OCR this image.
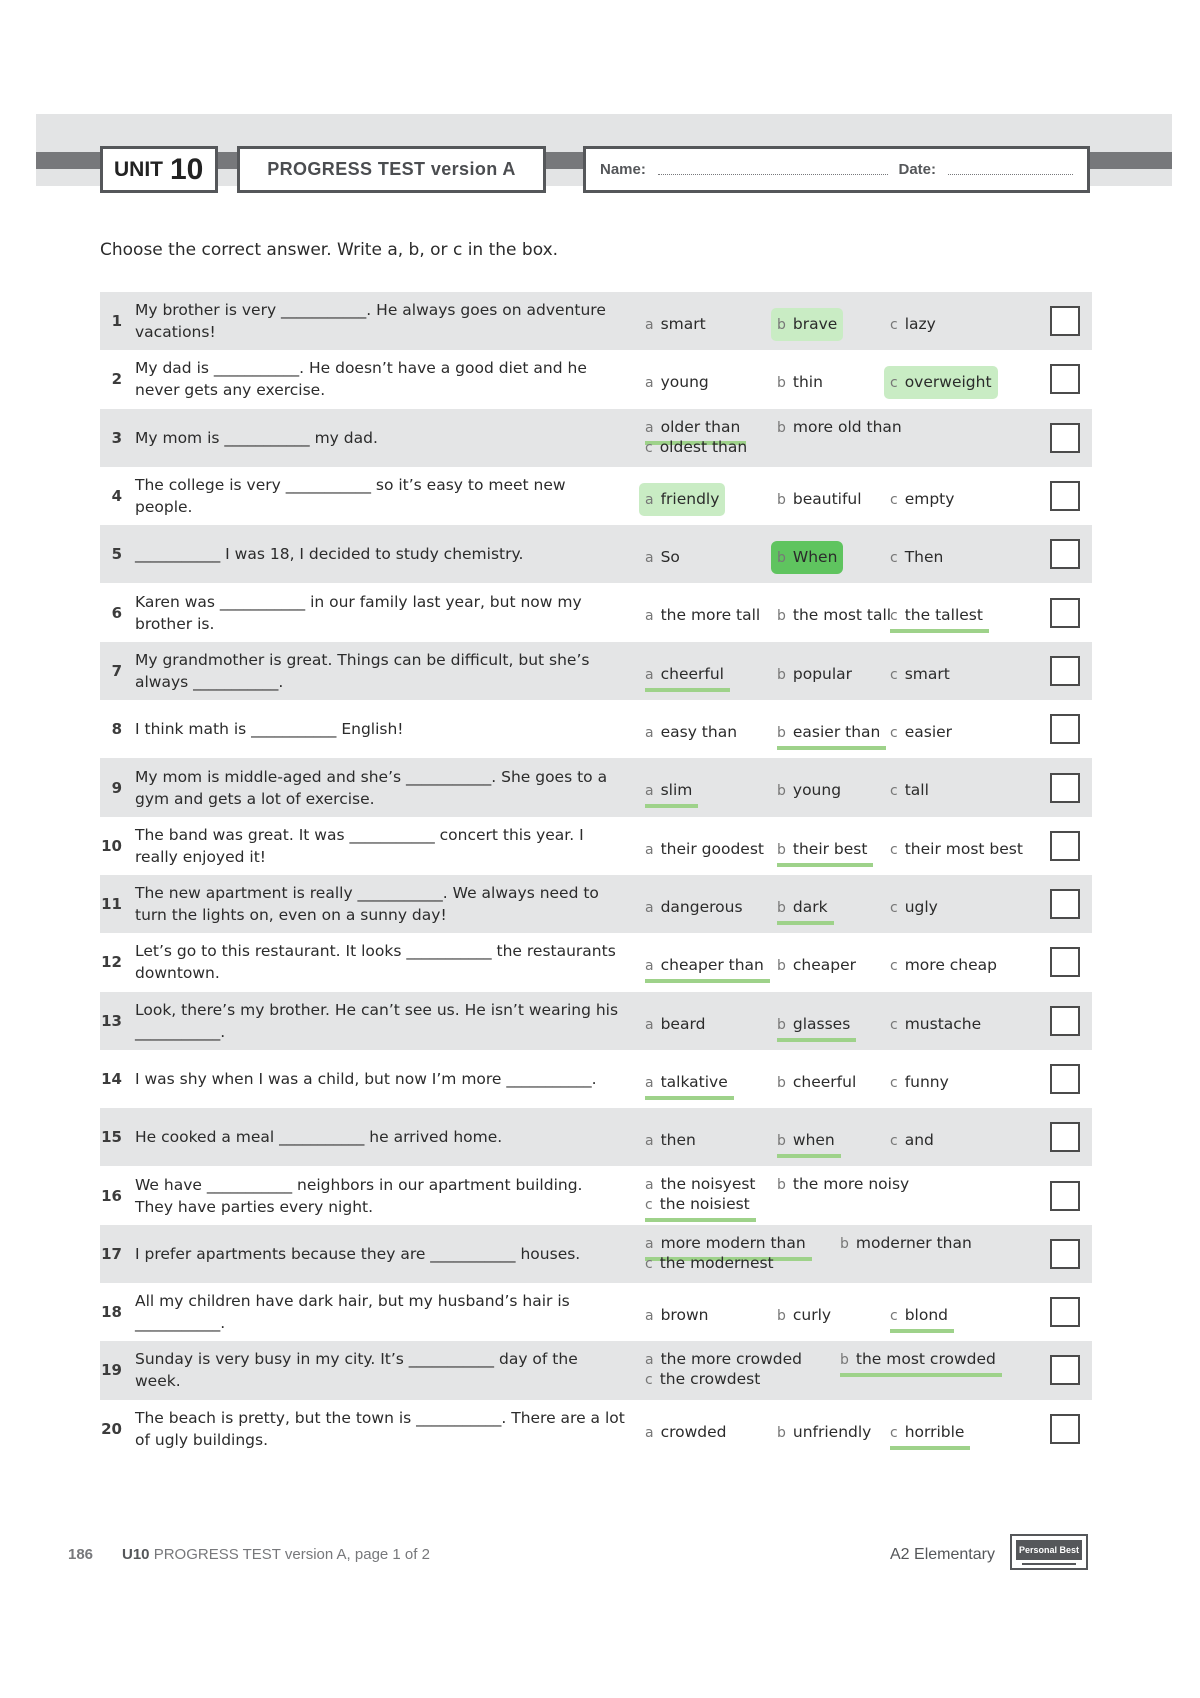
UNIT 10	PROGRESS TEST version A	Name:	Date:
Choose the correct answer. Write a, b, or c in the box.
1
My brother is very ___________. He always goes on adventure vacations!	a smart	b brave	c lazy
2
My dad is ___________. He doesn’t have a good diet and he never gets any exercise.	a young	b thin	c overweight
3 My mom is ___________ my dad.
a older than	b more old than
c oldest than
4
The college is very ___________ so it’s easy to meet new people.	a friendly	b beautiful c empty
5 ___________ I was 18, I decided to study chemistry.	a So	b When	c Then
6
Karen was ___________ in our family last year, but now my brother is.	a the more tall b the most tall
c the tallest
7
My grandmother is great. Things can be difficult, but she’s always ___________.	a cheerful	b popular	c smart
8 I think math is ___________ English!	a easy than	b easier than c easier
9
My mom is middle-aged and she’s ___________. She goes to a gym and gets a lot of exercise.	a slim	b young	c tall
10
The band was great. It was ___________ concert this year. I really enjoyed it!	a their goodest b their best	c their most best
11
The new apartment is really ___________. We always need to turn the lights on, even on a sunny day!	a dangerous b dark	c ugly
12
Let’s go to this restaurant. It looks ___________ the restaurants downtown.	a cheaper than b cheaper c more cheap
13
Look, there’s my brother. He can’t see us. He isn’t wearing his ___________.	a beard	b glasses	c mustache
14 I was shy when I was a child, but now I’m more ___________.	a talkative	b cheerful c funny
15 He cooked a meal ___________ he arrived home.	a then	b when	c and
16
We have ___________ neighbors in our apartment building. They have parties every night.
a the noisyest b the more noisy
c the noisiest
17 I prefer apartments because they are ___________ houses.
a more modern than	b moderner than
c the modernest
18
All my children have dark hair, but my husband’s hair is ___________.	a brown	b curly	c blond
19
Sunday is very busy in my city. It’s ___________ day of the week.
a the more crowded	b the most crowded
c the crowdest
20
The beach is pretty, but the town is ___________. There are a lot of ugly buildings.	a crowded	b unfriendly c horrible
186 U10 PROGRESS TEST version A, page 1 of 2	A2 Elementary	Personal Best
